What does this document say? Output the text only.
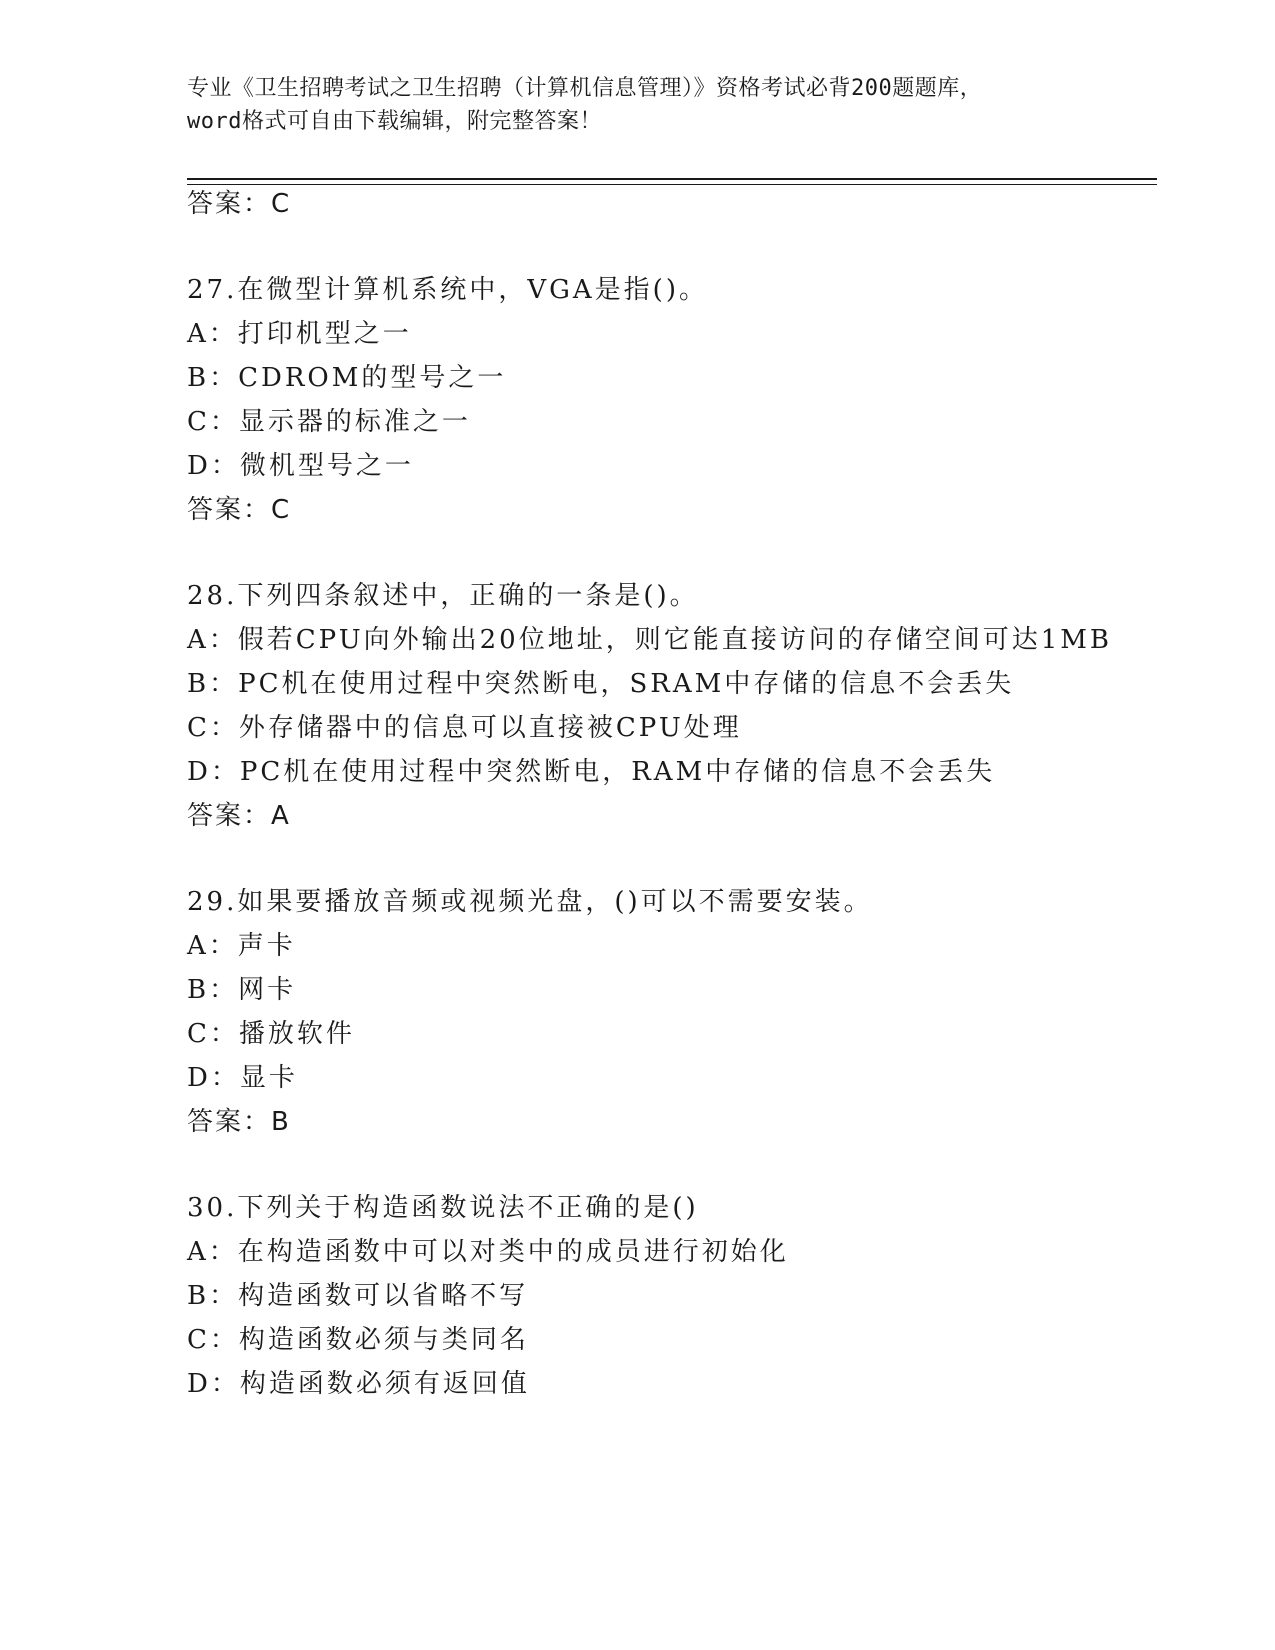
专业《卫生招聘考试之卫生招聘（计算机信息管理）》资格考试必背200题题库，
word格式可自由下载编辑，附完整答案！
答案：C
27.在微型计算机系统中，VGA是指()。
A：打印机型之一
B：CDROM的型号之一
C：显示器的标准之一
D：微机型号之一
答案：C
28.下列四条叙述中，正确的一条是()。
A：假若CPU向外输出20位地址，则它能直接访问的存储空间可达1MB
B：PC机在使用过程中突然断电，SRAM中存储的信息不会丢失
C：外存储器中的信息可以直接被CPU处理
D：PC机在使用过程中突然断电，RAM中存储的信息不会丢失
答案：A
29.如果要播放音频或视频光盘，()可以不需要安装。
A：声卡
B：网卡
C：播放软件
D：显卡
答案：B
30.下列关于构造函数说法不正确的是()
A：在构造函数中可以对类中的成员进行初始化
B：构造函数可以省略不写
C：构造函数必须与类同名
D：构造函数必须有返回值
